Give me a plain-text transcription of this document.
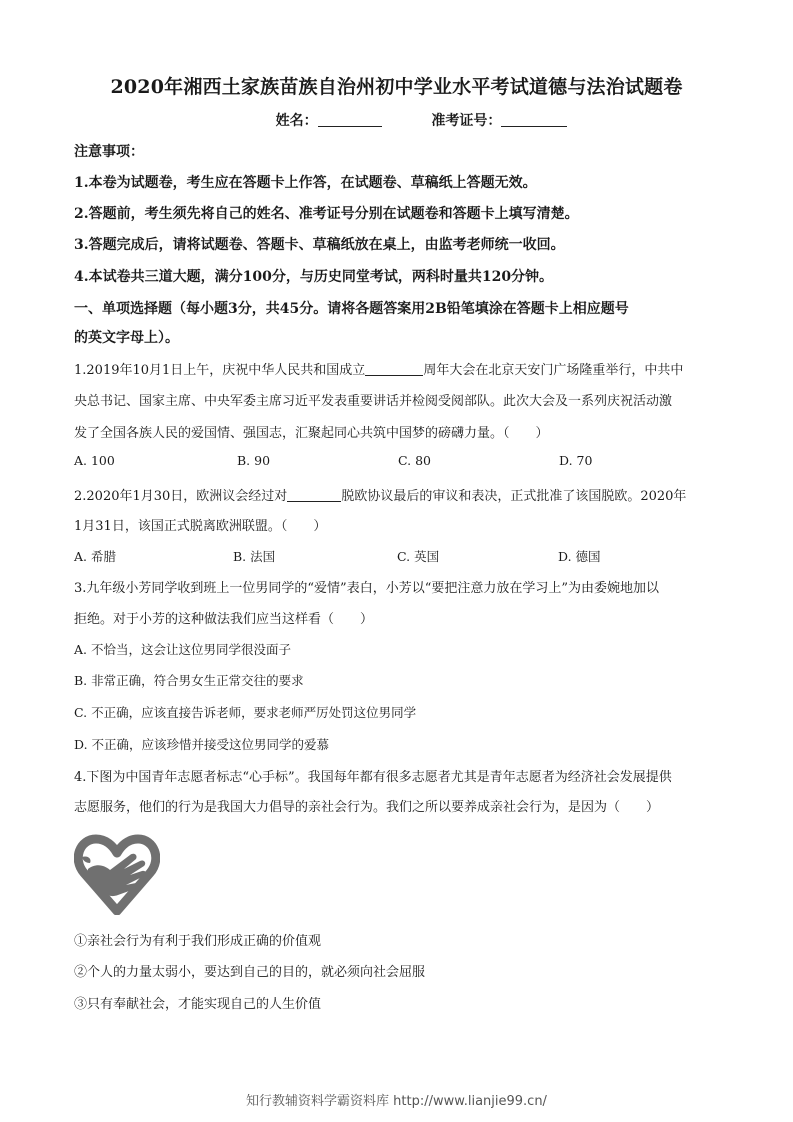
2020年湘西土家族苗族自治州初中学业水平考试道德与法治试题卷
姓名：	准考证号：
注意事项：
1.本卷为试题卷，考生应在答题卡上作答，在试题卷、草稿纸上答题无效。
2.答题前，考生须先将自己的姓名、准考证号分别在试题卷和答题卡上填写清楚。
3.答题完成后，请将试题卷、答题卡、草稿纸放在桌上，由监考老师统一收回。
4.本试卷共三道大题，满分100分，与历史同堂考试，两科时量共120分钟。
一、单项选择题（每小题3分，共45分。请将各题答案用2B铅笔填涂在答题卡上相应题号
的英文字母上）。
1.2019年10月1日上午，庆祝中华人民共和国成立	周年大会在北京天安门广场隆重举行，中共中
央总书记、国家主席、中央军委主席习近平发表重要讲话并检阅受阅部队。此次大会及一系列庆祝活动激
发了全国各族人民的爱国情、强国志，汇聚起同心共筑中国梦的磅礴力量。（　　）
A. 100	B. 90	C. 80	D. 70
2.2020年1月30日，欧洲议会经过对	脱欧协议最后的审议和表决，正式批准了该国脱欧。2020年
1月31日，该国正式脱离欧洲联盟。（　　）
A. 希腊	B. 法国	C. 英国	D. 德国
3.九年级小芳同学收到班上一位男同学的“爱情”表白，小芳以“要把注意力放在学习上”为由委婉地加以
拒绝。对于小芳的这种做法我们应当这样看（　　）
A. 不恰当，这会让这位男同学很没面子
B. 非常正确，符合男女生正常交往的要求
C. 不正确，应该直接告诉老师，要求老师严厉处罚这位男同学
D. 不正确，应该珍惜并接受这位男同学的爱慕
4.下图为中国青年志愿者标志“心手标”。我国每年都有很多志愿者尤其是青年志愿者为经济社会发展提供
志愿服务，他们的行为是我国大力倡导的亲社会行为。我们之所以要养成亲社会行为，是因为（　　）
①亲社会行为有利于我们形成正确的价值观
②个人的力量太弱小，要达到自己的目的，就必须向社会屈服
③只有奉献社会，才能实现自己的人生价值
知行教辅资料学霸资料库 http://www.lianjie99.cn/
